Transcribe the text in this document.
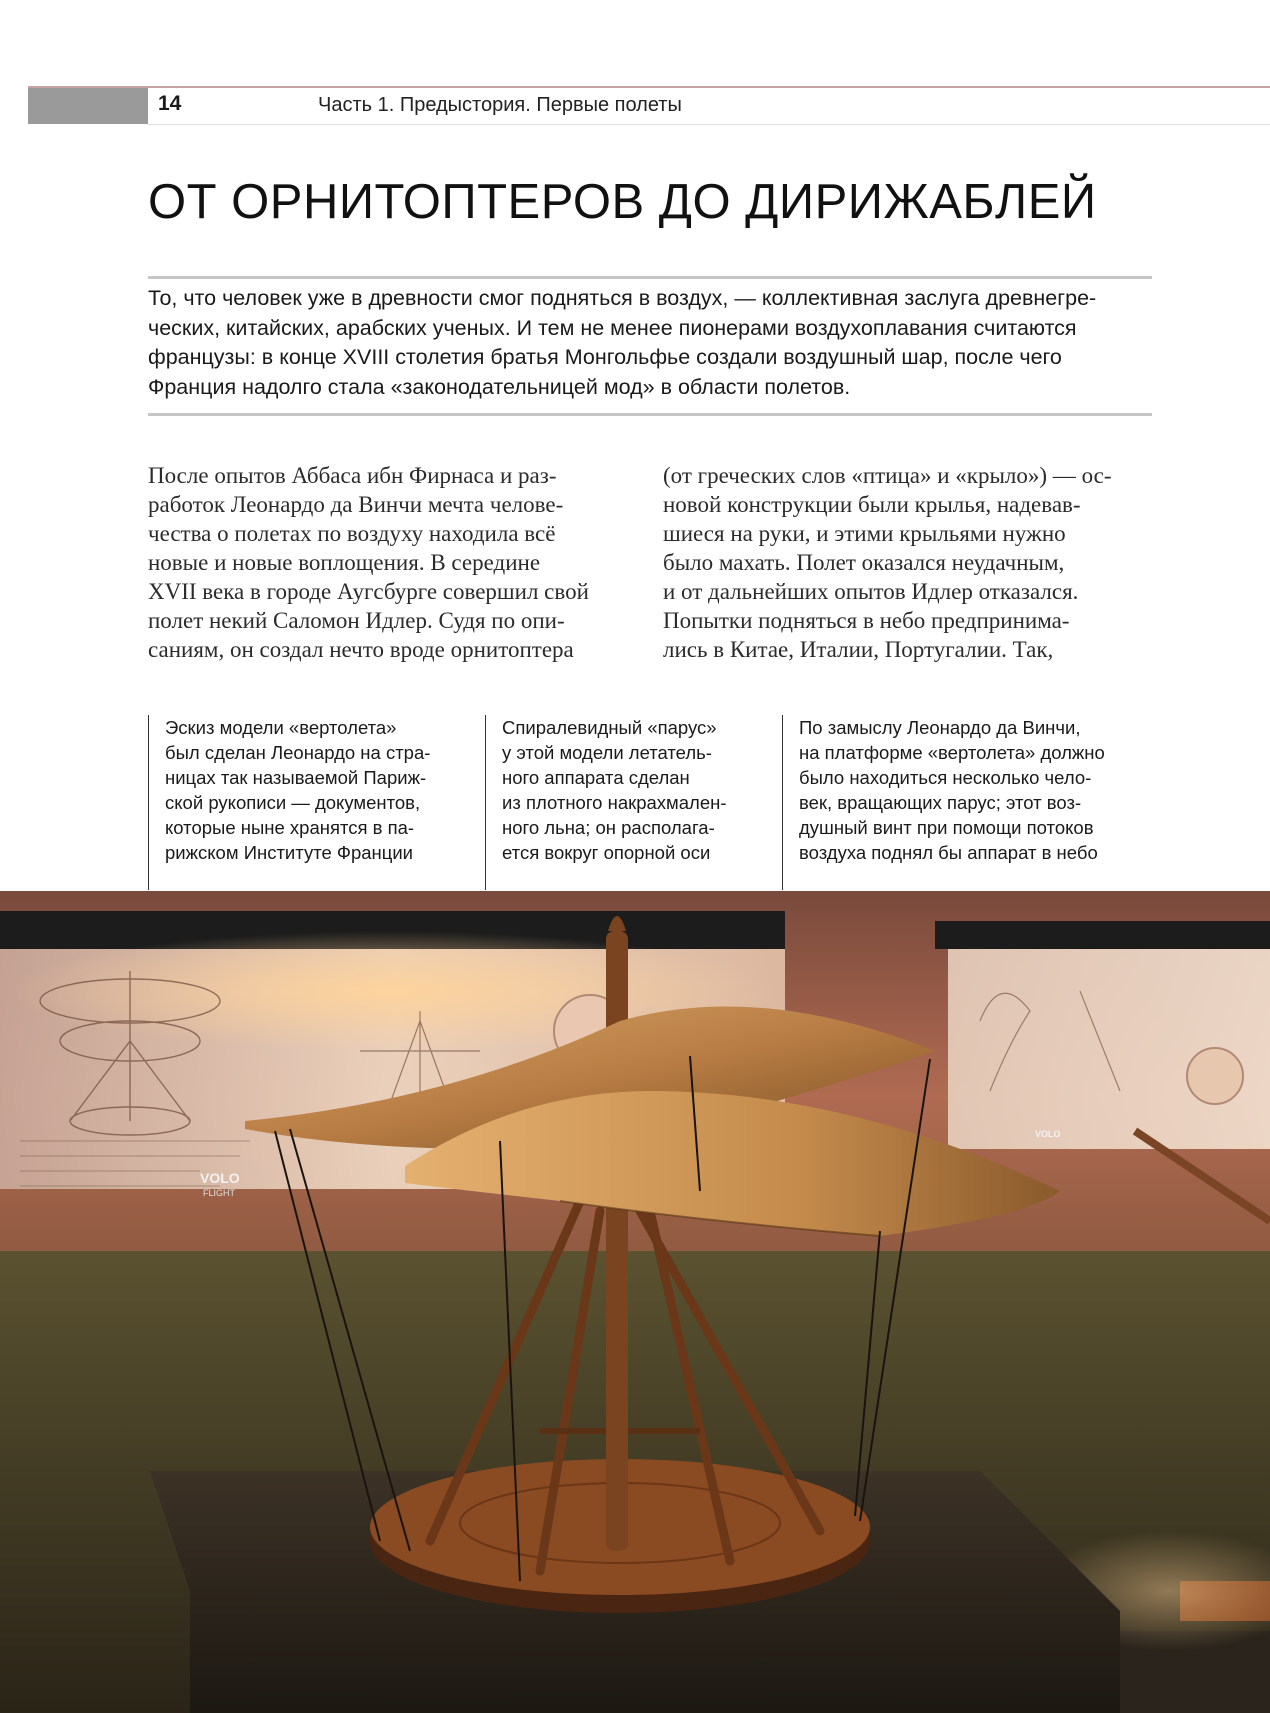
14	Часть 1. Предыстория. Первые полеты
ОТ ОРНИТОПТЕРОВ ДО ДИРИЖАБЛЕЙ
То, что человек уже в древности смог подняться в воздух, — коллективная заслуга древнегре-
ческих, китайских, арабских ученых. И тем не менее пионерами воздухоплавания считаются
французы: в конце XVIII столетия братья Монгольфье создали воздушный шар, после чего
Франция надолго стала «законодательницей мод» в области полетов.
После опытов Аббаса ибн Фирнаса и раз-
работок Леонардо да Винчи мечта челове-
чества о полетах по воздуху находила всё
новые и новые воплощения. В середине
XVII века в городе Аугсбурге совершил свой
полет некий Саломон Идлер. Судя по опи-
саниям, он создал нечто вроде орнитоптера
(от греческих слов «птица» и «крыло») — ос-
новой конструкции были крылья, надевав-
шиеся на руки, и этими крыльями нужно
было махать. Полет оказался неудачным,
и от дальнейших опытов Идлер отказался.
Попытки подняться в небо предпринима-
лись в Китае, Италии, Португалии. Так,
Эскиз модели «вертолета»
был сделан Леонардо на стра-
ницах так называемой Париж-
ской рукописи — документов,
которые ныне хранятся в па-
рижском Институте Франции
Спиралевидный «парус»
у этой модели летатель-
ного аппарата сделан
из плотного накрахмален-
ного льна; он располага-
ется вокруг опорной оси
По замыслу Леонардо да Винчи,
на платформе «вертолета» должно
было находиться несколько чело-
век, вращающих парус; этот воз-
душный винт при помощи потоков
воздуха поднял бы аппарат в небо
VOLO
FLIGHT
VOLO
